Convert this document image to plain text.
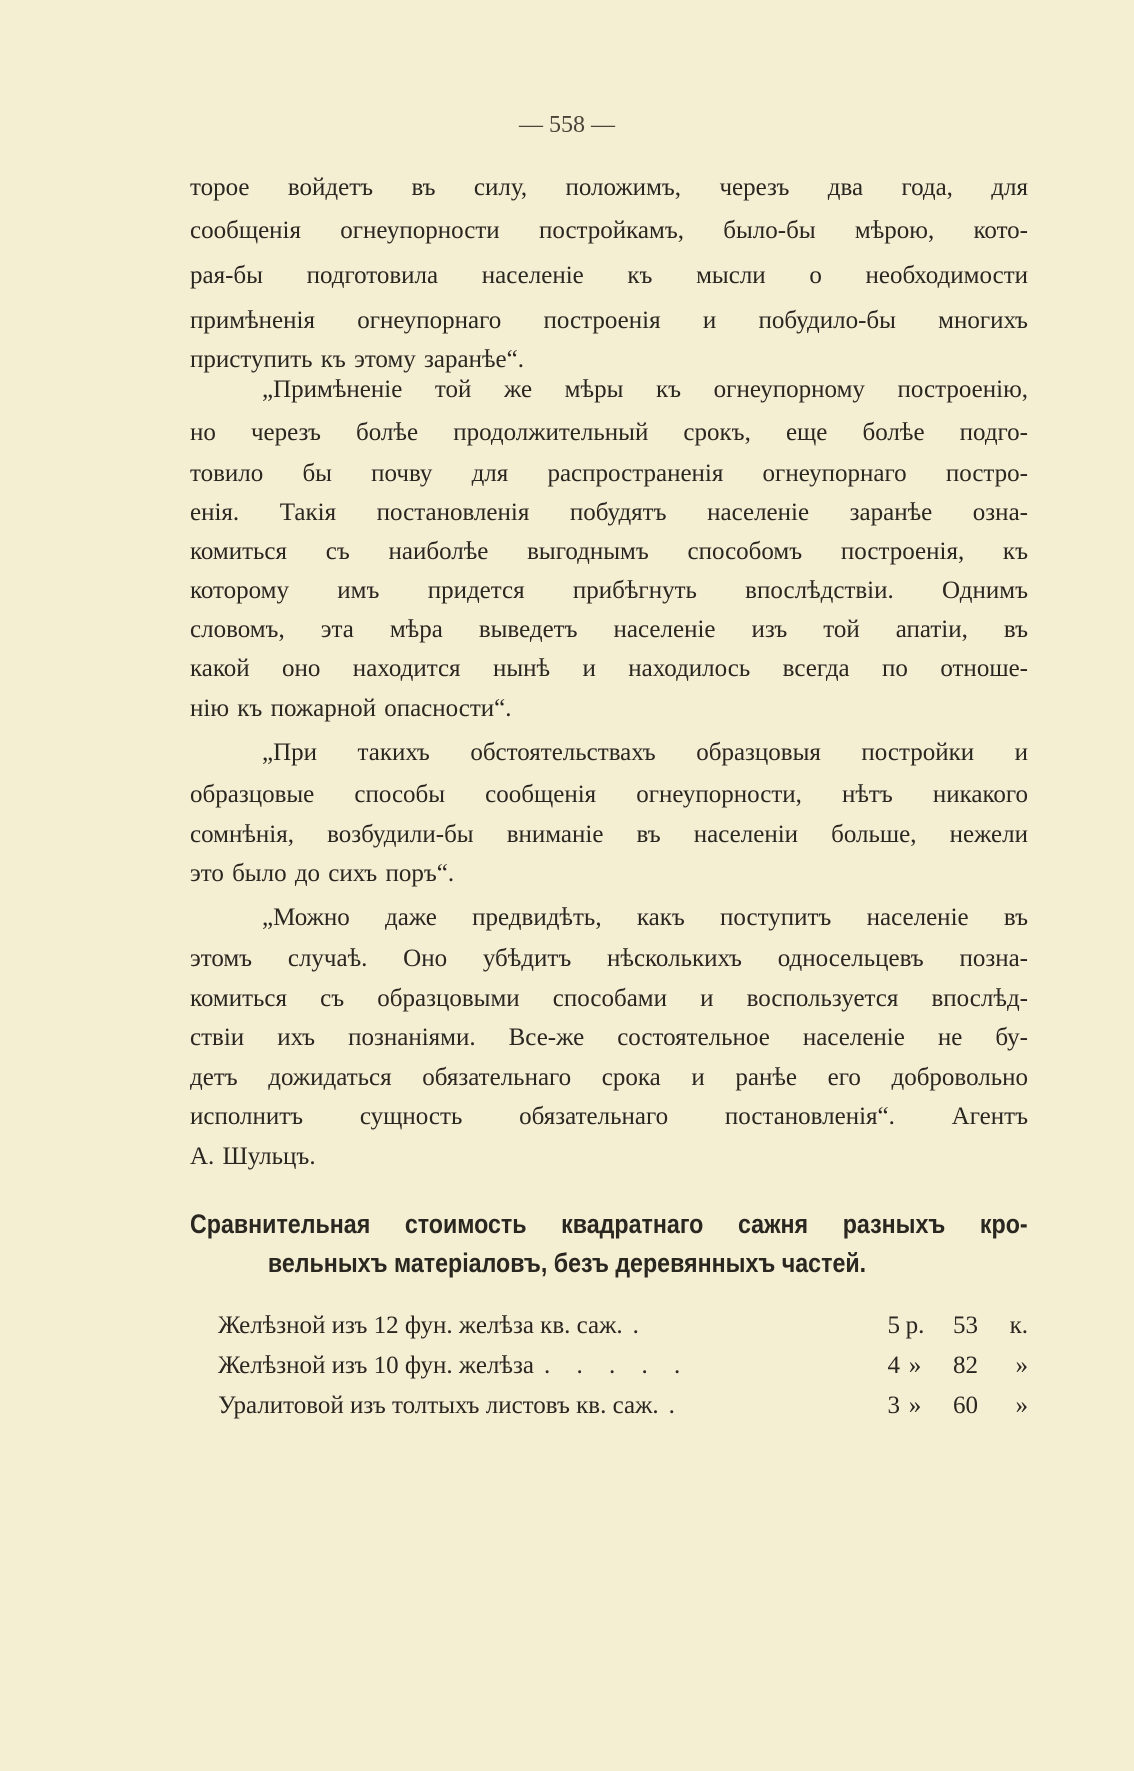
— 558 —
торое войдетъ въ силу, положимъ, черезъ два года, для
сообщенія огнеупорности постройкамъ, было-бы мѣрою, кото-
рая-бы подготовила населеніе къ мысли о необходимости
примѣненія огнеупорнаго построенія и побудило-бы многихъ
приступить къ этому заранѣе“.
„Примѣненіе той же мѣры къ огнеупорному построенію,
но черезъ болѣе продолжительный срокъ, еще болѣе подго-
товило бы почву для распространенія огнеупорнаго постро-
енія. Такія постановленія побудятъ населеніе заранѣе озна-
комиться съ наиболѣе выгоднымъ способомъ построенія, къ
которому имъ придется прибѣгнуть впослѣдствіи. Однимъ
словомъ, эта мѣра выведетъ населеніе изъ той апатіи, въ
какой оно находится нынѣ и находилось всегда по отноше-
нію къ пожарной опасности“.
„При такихъ обстоятельствахъ образцовыя постройки и
образцовые способы сообщенія огнеупорности, нѣтъ никакого
сомнѣнія, возбудили-бы вниманіе въ населеніи больше, нежели
это было до сихъ поръ“.
„Можно даже предвидѣть, какъ поступитъ населеніе въ
этомъ случаѣ. Оно убѣдитъ нѣсколькихъ односельцевъ позна-
комиться съ образцовыми способами и воспользуется впослѣд-
ствіи ихъ познаніями. Все-же состоятельное населеніе не бу-
детъ дожидаться обязательнаго срока и ранѣе его добровольно
исполнитъ сущность обязательнаго постановленія“. Агентъ
А. Шульцъ.
Сравнительная стоимость квадратнаго сажня разныхъ кро-
вельныхъ матеріаловъ, безъ деревянныхъ частей.
Желѣзной изъ 12 фун. желѣза кв. саж. .	5 р.	53	к.
Желѣзной изъ 10 фун. желѣза . . . . .	4 »	82	»
Уралитовой изъ толтыхъ листовъ кв. саж. .	3 »	60	»
